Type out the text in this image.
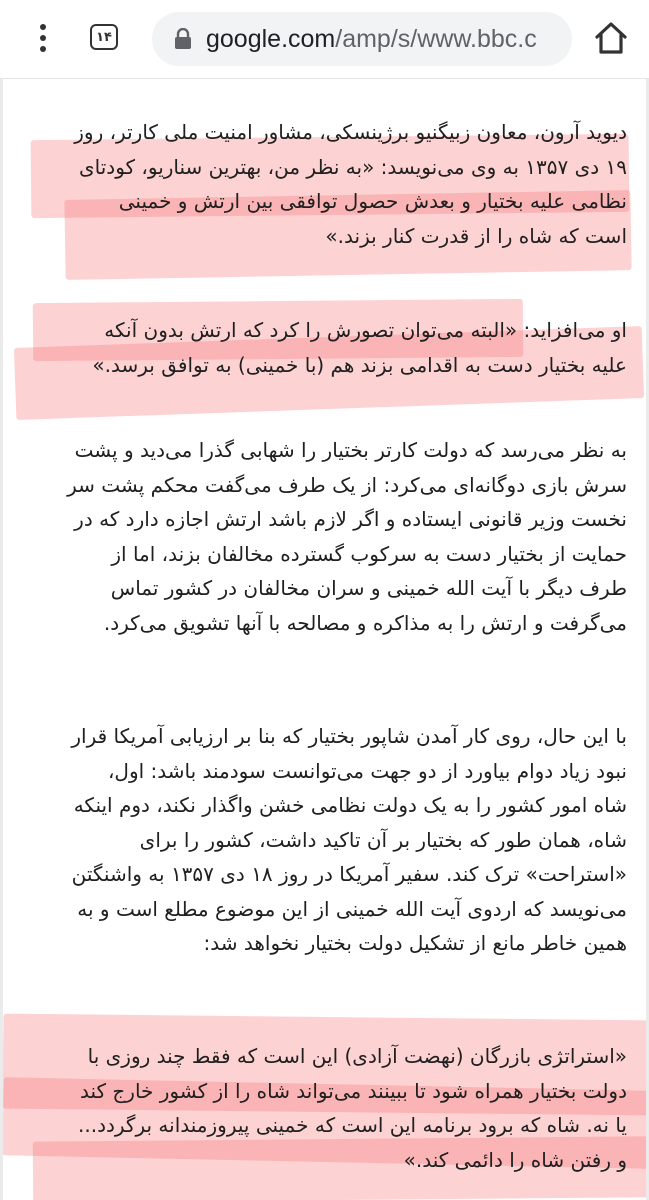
۱۴	google.com/amp/s/www.bbc.c
دیوید آرون، معاون زبیگنیو برژینسکی، مشاور امنیت ملی کارتر، روز
۱۹ دی ۱۳۵۷ به وی می‌نویسد: «به نظر من، بهترین سناریو، کودتای
نظامی علیه بختیار و بعدش حصول توافقی بین ارتش و خمینی
است که شاه را از قدرت کنار بزند.»
او می‌افزاید: «البته می‌توان تصورش را کرد که ارتش بدون آنکه
علیه بختیار دست به اقدامی بزند هم (با خمینی) به توافق برسد.»
به نظر می‌رسد که دولت کارتر بختیار را شهابی گذرا می‌دید و پشت
سرش بازی دوگانه‌ای می‌کرد: از یک طرف می‌گفت محکم پشت سر
نخست وزیر قانونی ایستاده و اگر لازم باشد ارتش اجازه دارد که در
حمایت از بختیار دست به سرکوب گسترده مخالفان بزند، اما از
طرف دیگر با آیت الله خمینی و سران مخالفان در کشور تماس
می‌گرفت و ارتش را به مذاکره و مصالحه با آنها تشویق می‌کرد.
با این حال، روی کار آمدن شاپور بختیار که بنا بر ارزیابی آمریکا قرار
نبود زیاد دوام بیاورد از دو جهت می‌توانست سودمند باشد: اول،
شاه امور کشور را به یک دولت نظامی خشن واگذار نکند، دوم اینکه
شاه، همان طور که بختیار بر آن تاکید داشت، کشور را برای
«استراحت» ترک کند. سفیر آمریکا در روز ۱۸ دی ۱۳۵۷ به واشنگتن
می‌نویسد که اردوی آیت الله خمینی از این موضوع مطلع است و به
همین خاطر مانع از تشکیل دولت بختیار نخواهد شد:
«استراتژی بازرگان (نهضت آزادی) این است که فقط چند روزی با
دولت بختیار همراه شود تا ببینند می‌تواند شاه را از کشور خارج کند
یا نه. شاه که برود برنامه این است که خمینی پیروزمندانه برگردد...
و رفتن شاه را دائمی کند.»
